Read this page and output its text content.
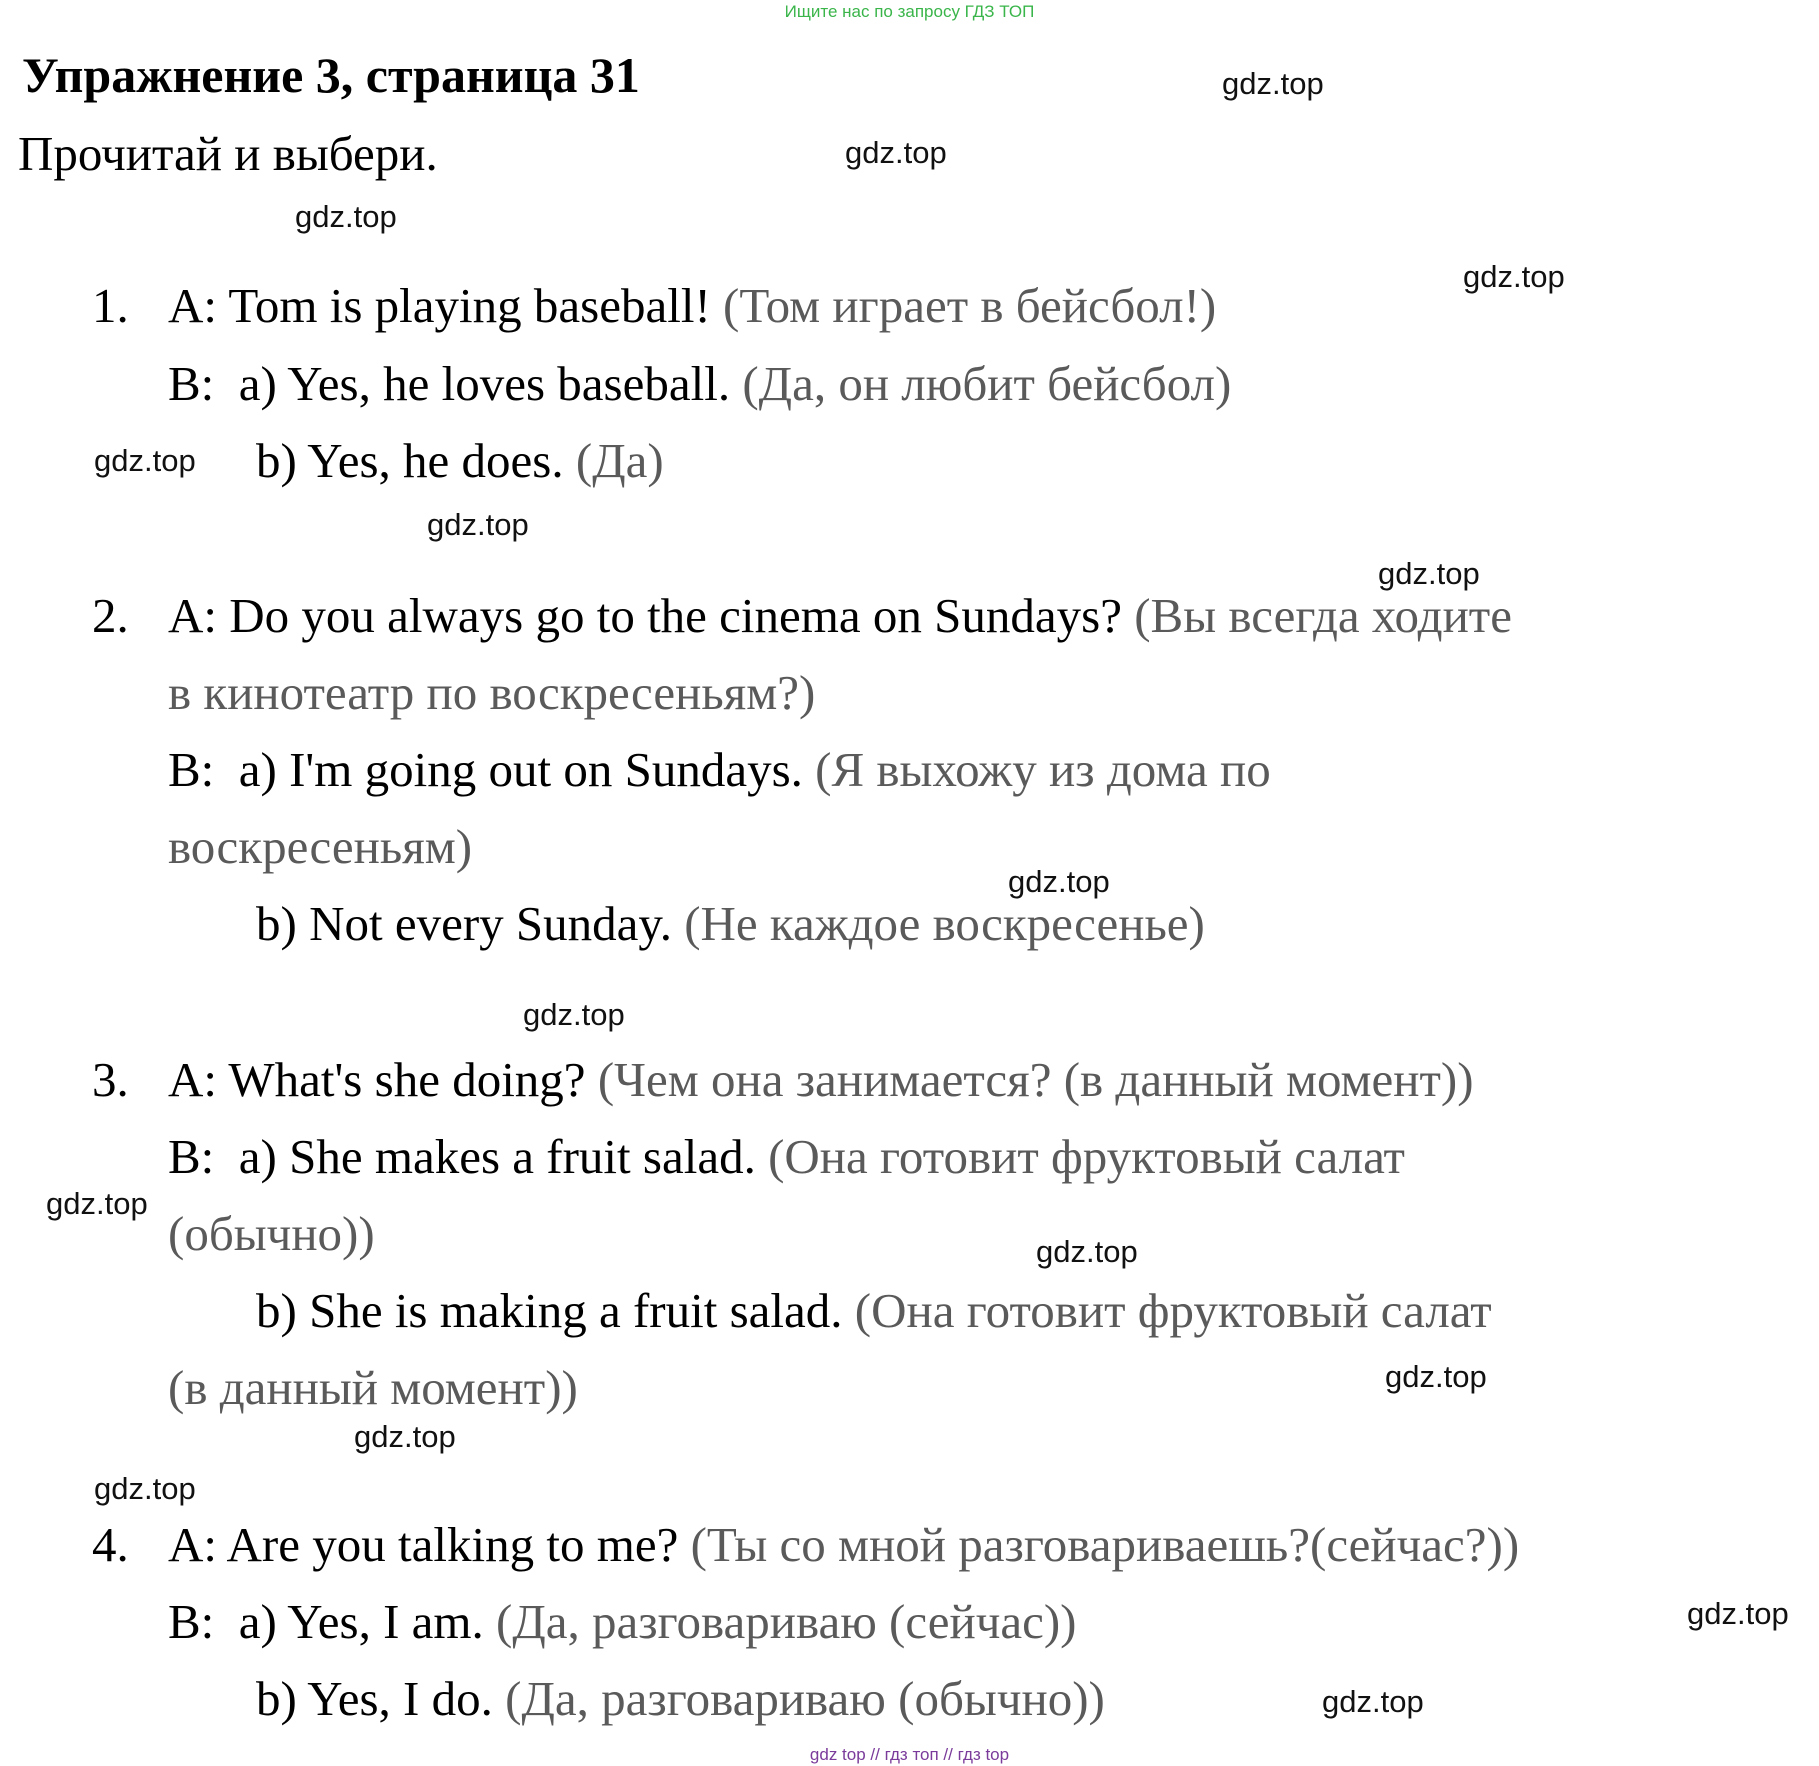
Ищите нас по запросу ГДЗ ТОП
Упражнение 3, страница 31
Прочитай и выбери.
gdz.top
gdz.top
gdz.top
gdz.top
gdz.top
gdz.top
gdz.top
gdz.top
gdz.top
gdz.top
gdz.top
gdz.top
gdz.top
gdz.top
gdz.top
gdz.top
1. A: Tom is playing baseball! (Том играет в бейсбол!)
B: a) Yes, he loves baseball. (Да, он любит бейсбол)
b) Yes, he does. (Да)
2. A: Do you always go to the cinema on Sundays? (Вы всегда ходите
в кинотеатр по воскресеньям?)
B: a) I'm going out on Sundays. (Я выхожу из дома по
воскресеньям)
b) Not every Sunday. (Не каждое воскресенье)
3. A: What's she doing? (Чем она занимается? (в данный момент))
B: a) She makes a fruit salad. (Она готовит фруктовый салат
(обычно))
b) She is making a fruit salad. (Она готовит фруктовый салат
(в данный момент))
4. A: Are you talking to me? (Ты со мной разговариваешь?(сейчас?))
B: a) Yes, I am. (Да, разговариваю (сейчас))
b) Yes, I do. (Да, разговариваю (обычно))
gdz top // гдз топ // гдз top
